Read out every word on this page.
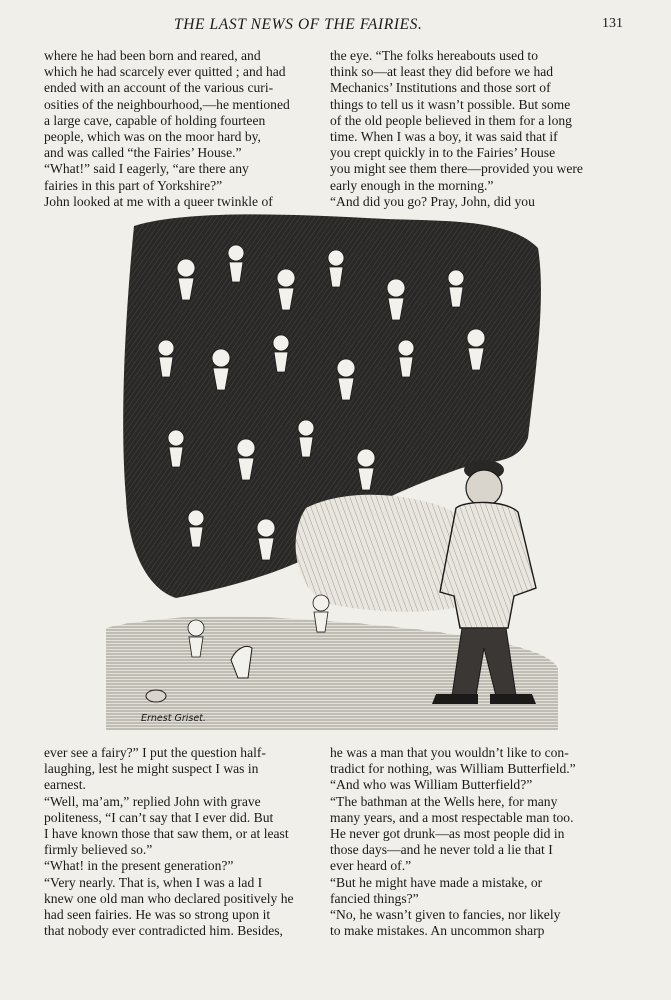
THE LAST NEWS OF THE FAIRIES.	131
where he had been born and reared, and
which he had scarcely ever quitted ; and had
ended with an account of the various curi-
osities of the neighbourhood,—he mentioned
a large cave, capable of holding fourteen
people, which was on the moor hard by,
and was called “the Fairies’ House.”
“What!” said I eagerly, “are there any
fairies in this part of Yorkshire?”
John looked at me with a queer twinkle of
the eye. “The folks hereabouts used to
think so—at least they did before we had
Mechanics’ Institutions and those sort of
things to tell us it wasn’t possible. But some
of the old people believed in them for a long
time. When I was a boy, it was said that if
you crept quickly in to the Fairies’ House
you might see them there—provided you were
early enough in the morning.”
“And did you go? Pray, John, did you
Ernest Griset.
ever see a fairy?” I put the question half-
laughing, lest he might suspect I was in
earnest.
“Well, ma’am,” replied John with grave
politeness, “I can’t say that I ever did. But
I have known those that saw them, or at least
firmly believed so.”
“What! in the present generation?”
“Very nearly. That is, when I was a lad I
knew one old man who declared positively he
had seen fairies. He was so strong upon it
that nobody ever contradicted him. Besides,
he was a man that you wouldn’t like to con-
tradict for nothing, was William Butterfield.”
“And who was William Butterfield?”
“The bathman at the Wells here, for many
many years, and a most respectable man too.
He never got drunk—as most people did in
those days—and he never told a lie that I
ever heard of.”
“But he might have made a mistake, or
fancied things?”
“No, he wasn’t given to fancies, nor likely
to make mistakes. An uncommon sharp
